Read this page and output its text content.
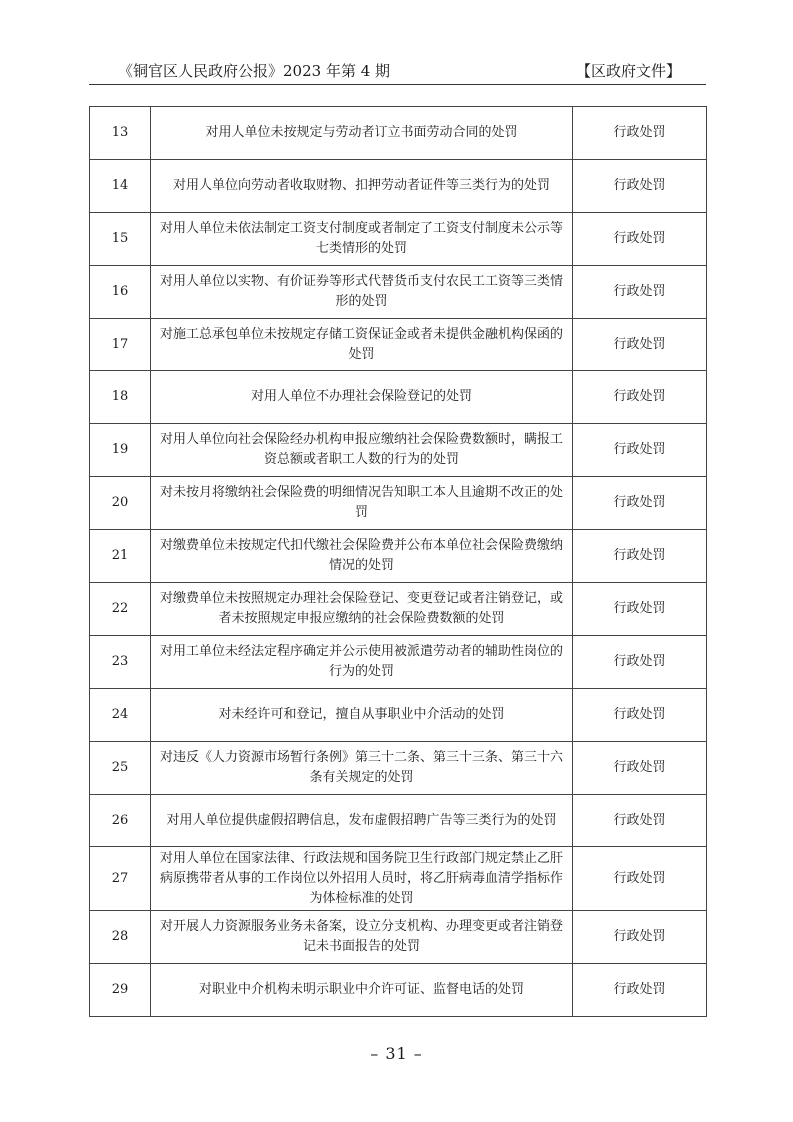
《铜官区人民政府公报》2023 年第 4 期	【区政府文件】
13	对用人单位未按规定与劳动者订立书面劳动合同的处罚	行政处罚
14	对用人单位向劳动者收取财物、扣押劳动者证件等三类行为的处罚	行政处罚
15	对用人单位未依法制定工资支付制度或者制定了工资支付制度未公示等七类情形的处罚	行政处罚
16	对用人单位以实物、有价证券等形式代替货币支付农民工工资等三类情形的处罚	行政处罚
17	对施工总承包单位未按规定存储工资保证金或者未提供金融机构保函的处罚	行政处罚
18	对用人单位不办理社会保险登记的处罚	行政处罚
19	对用人单位向社会保险经办机构申报应缴纳社会保险费数额时，瞒报工资总额或者职工人数的行为的处罚	行政处罚
20	对未按月将缴纳社会保险费的明细情况告知职工本人且逾期不改正的处罚	行政处罚
21	对缴费单位未按规定代扣代缴社会保险费并公布本单位社会保险费缴纳情况的处罚	行政处罚
22	对缴费单位未按照规定办理社会保险登记、变更登记或者注销登记，或者未按照规定申报应缴纳的社会保险费数额的处罚	行政处罚
23	对用工单位未经法定程序确定并公示使用被派遣劳动者的辅助性岗位的行为的处罚	行政处罚
24	对未经许可和登记，擅自从事职业中介活动的处罚	行政处罚
25	对违反《人力资源市场暂行条例》第三十二条、第三十三条、第三十六条有关规定的处罚	行政处罚
26	对用人单位提供虚假招聘信息，发布虚假招聘广告等三类行为的处罚	行政处罚
27	对用人单位在国家法律、行政法规和国务院卫生行政部门规定禁止乙肝病原携带者从事的工作岗位以外招用人员时，将乙肝病毒血清学指标作为体检标准的处罚	行政处罚
28	对开展人力资源服务业务未备案，设立分支机构、办理变更或者注销登记未书面报告的处罚	行政处罚
29	对职业中介机构未明示职业中介许可证、监督电话的处罚	行政处罚
– 31 –
